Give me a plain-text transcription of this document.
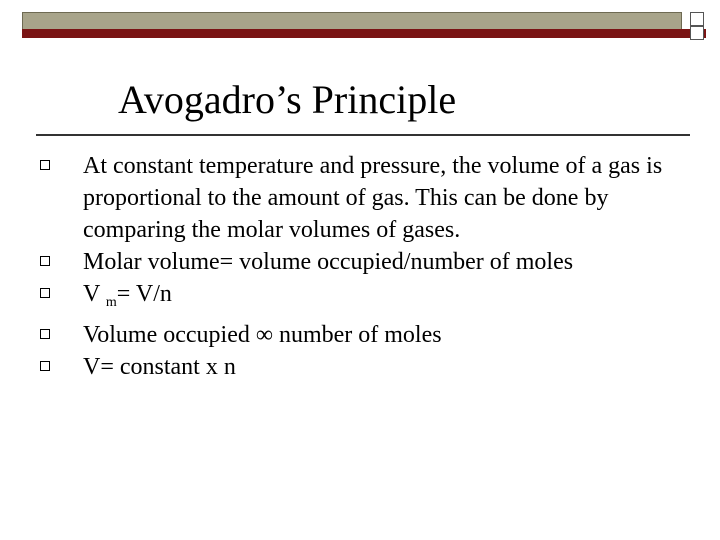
Avogadro’s Principle
At constant temperature and pressure, the volume of a gas is proportional to the amount of gas. This can be done by comparing the molar volumes of gases.
Molar volume= volume occupied/number of moles
V $_m$= V/n
Volume occupied ∞ number of moles
V= constant x n
